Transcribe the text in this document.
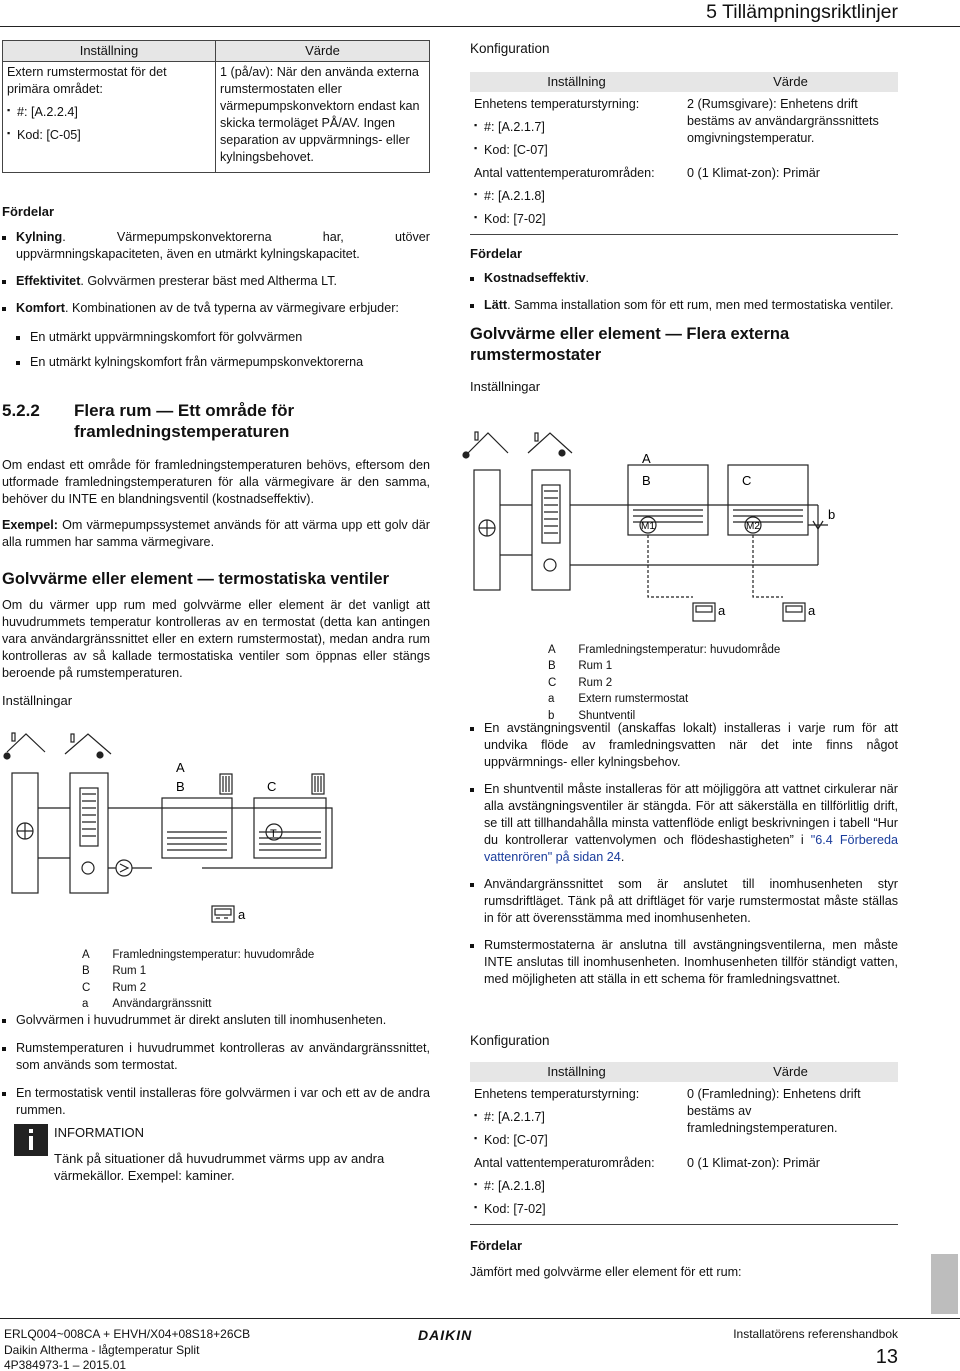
5 Tillämpningsriktlinjer
Inställning	Värde

Extern rumstermostat för det primära området:
▪ #: [A.2.2.4]
▪ Kod: [C-05]	1 (på/av): När den använda externa rumstermostaten eller värmepumpskonvektorn endast kan skicka termoläget PÅ/AV. Ingen separation av uppvärmnings- eller kylningsbehovet.
Fördelar
Kylning. Värmepumpskonvektorerna har, utöver uppvärmningskapaciteten, även en utmärkt kylningskapacitet.
Effektivitet. Golvvärmen presterar bäst med Altherma LT.
Komfort. Kombinationen av de två typerna av värmegivare erbjuder:
En utmärkt uppvärmningskomfort för golvvärmen
En utmärkt kylningskomfort från värmepumpskonvektorerna
5.2.2	Flera rum — Ett område för framledningstemperaturen

Om endast ett område för framledningstemperaturen behövs, eftersom den utformade framledningstemperaturen för alla värmegivare är den samma, behöver du INTE en blandningsventil (kostnadseffektiv).

Exempel: Om värmepumpssystemet används för att värma upp ett golv där alla rummen har samma värmegivare.

Golvvärme eller element — termostatiska ventiler

Om du värmer upp rum med golvvärme eller element är det vanligt att huvudrummets temperatur kontrolleras av en termostat (detta kan antingen vara användargränssnittet eller en extern rumstermostat), medan andra rum kontrolleras av så kallade termostatiska ventiler som öppnas eller stängs beroende på rumstemperaturen.

Inställningar
A
B	C
T
a
A	Framledningstemperatur: huvudområde
B	Rum 1
C	Rum 2
a	Användargränssnitt
Golvvärmen i huvudrummet är direkt ansluten till inomhusenheten.
Rumstemperaturen i huvudrummet kontrolleras av användargränssnittet, som används som termostat.
En termostatisk ventil installeras före golvvärmen i var och ett av de andra rummen.
INFORMATION
Tänk på situationer då huvudrummet värms upp av andra värmekällor. Exempel: kaminer.
Konfiguration
Inställning	Värde

Enhetens temperaturstyrning:
▪ #: [A.2.1.7]
▪ Kod: [C-07]	2 (Rumsgivare): Enhetens drift bestäms av användargränssnittets omgivningstemperatur.

Antal vattentemperaturområden:
▪ #: [A.2.1.8]
▪ Kod: [7-02]	0 (1 Klimat-zon): Primär
Fördelar
Kostnadseffektiv.
Lätt. Samma installation som för ett rum, men med termostatiska ventiler.
Golvvärme eller element — Flera externa rumstermostater
Inställningar
A
B	C
M1	M2
b
a	a
A	Framledningstemperatur: huvudområde
B	Rum 1
C	Rum 2
a	Extern rumstermostat
b	Shuntventil
En avstängningsventil (anskaffas lokalt) installeras i varje rum för att undvika flöde av framledningsvatten när det inte finns något uppvärmnings- eller kylningsbehov.
En shuntventil måste installeras för att möjliggöra att vattnet cirkulerar när alla avstängningsventiler är stängda. För att säkerställa en tillförlitlig drift, se till att tillhandahålla minsta vattenflöde enligt beskrivningen i tabell “Hur du kontrollerar vattenvolymen och flödeshastigheten” i "6.4 Förbereda vattenrören" på sidan 24.
Användargränssnittet som är anslutet till inomhusenheten styr rumsdriftläget. Tänk på att driftläget för varje rumstermostat måste ställas in för att överensstämma med inomhusenheten.
Rumstermostaterna är anslutna till avstängningsventilerna, men måste INTE anslutas till inomhusenheten. Inomhusenheten tillför ständigt vatten, med möjligheten att ställa in ett schema för framledningsvattnet.
Konfiguration
Inställning	Värde

Enhetens temperaturstyrning:
▪ #: [A.2.1.7]
▪ Kod: [C-07]	0 (Framledning): Enhetens drift bestäms av framledningstemperaturen.

Antal vattentemperaturområden:
▪ #: [A.2.1.8]
▪ Kod: [7-02]	0 (1 Klimat-zon): Primär
Fördelar

Jämfört med golvvärme eller element för ett rum:

ERLQ004~008CA + EHVH/X04+08S18+26CB
Daikin Altherma - lågtemperatur Split
4P384973-1 – 2015.01
DAIKIN	Installatörens referenshandbok
13
